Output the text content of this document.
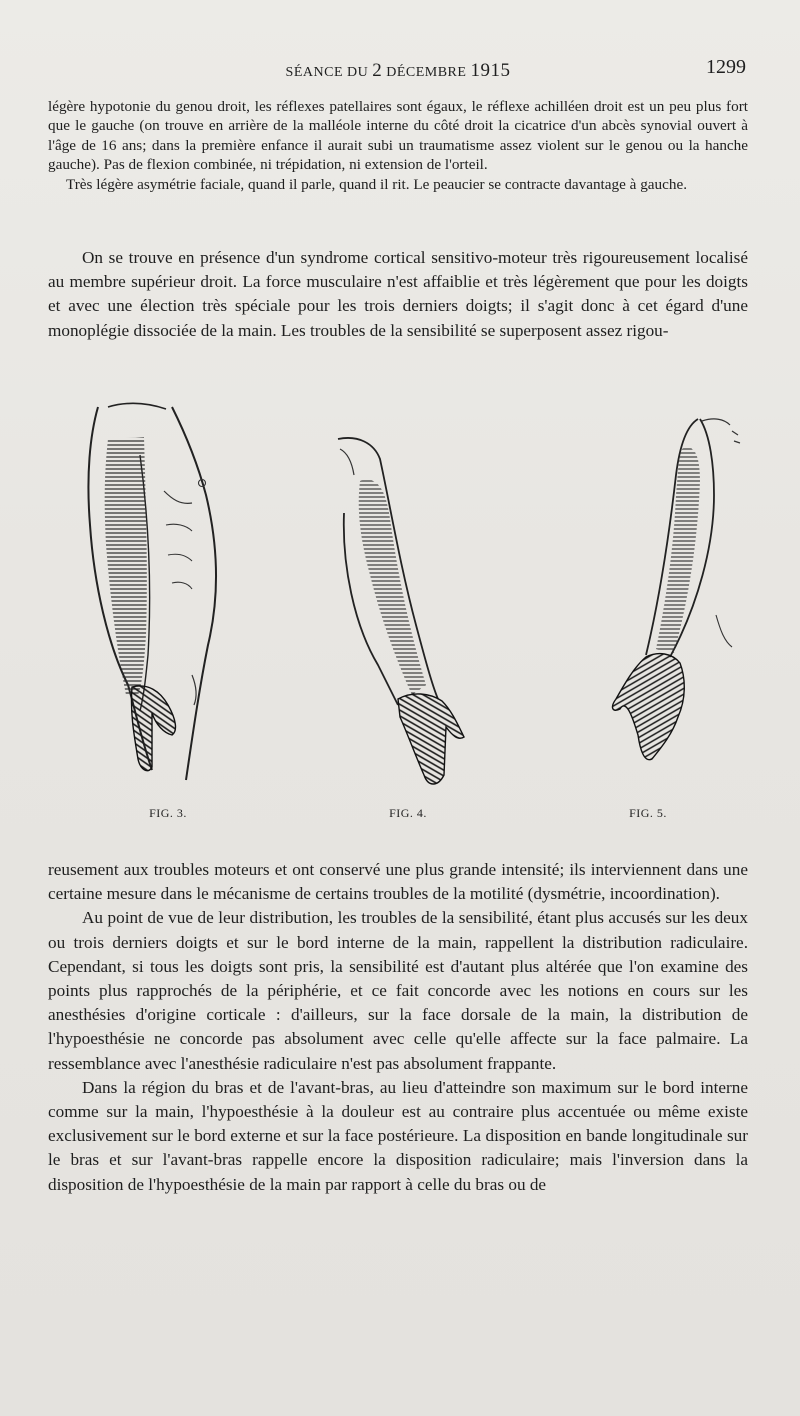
SÉANCE DU 2 DÉCEMBRE 1915	1299

légère hypotonie du genou droit, les réflexes patellaires sont égaux, le réflexe achilléen droit est un peu plus fort que le gauche (on trouve en arrière de la malléole interne du côté droit la cicatrice d'un abcès synovial ouvert à l'âge de 16 ans; dans la première enfance il aurait subi un traumatisme assez violent sur le genou ou la hanche gauche). Pas de flexion combinée, ni trépidation, ni extension de l'orteil.

Très légère asymétrie faciale, quand il parle, quand il rit. Le peaucier se contracte davantage à gauche.

On se trouve en présence d'un syndrome cortical sensitivo-moteur très rigoureusement localisé au membre supérieur droit. La force musculaire n'est affaiblie et très légèrement que pour les doigts et avec une élection très spéciale pour les trois derniers doigts; il s'agit donc à cet égard d'une monoplégie dissociée de la main. Les troubles de la sensibilité se superposent assez rigou-

FIG. 3.	FIG. 4.	FIG. 5.

reusement aux troubles moteurs et ont conservé une plus grande intensité; ils interviennent dans une certaine mesure dans le mécanisme de certains troubles de la motilité (dysmétrie, incoordination).

Au point de vue de leur distribution, les troubles de la sensibilité, étant plus accusés sur les deux ou trois derniers doigts et sur le bord interne de la main, rappellent la distribution radiculaire. Cependant, si tous les doigts sont pris, la sensibilité est d'autant plus altérée que l'on examine des points plus rapprochés de la périphérie, et ce fait concorde avec les notions en cours sur les anesthésies d'origine corticale : d'ailleurs, sur la face dorsale de la main, la distribution de l'hypoesthésie ne concorde pas absolument avec celle qu'elle affecte sur la face palmaire. La ressemblance avec l'anesthésie radiculaire n'est pas absolument frappante.

Dans la région du bras et de l'avant-bras, au lieu d'atteindre son maximum sur le bord interne comme sur la main, l'hypoesthésie à la douleur est au contraire plus accentuée ou même existe exclusivement sur le bord externe et sur la face postérieure. La disposition en bande longitudinale sur le bras et sur l'avant-bras rappelle encore la disposition radiculaire; mais l'inversion dans la disposition de l'hypoesthésie de la main par rapport à celle du bras ou de
